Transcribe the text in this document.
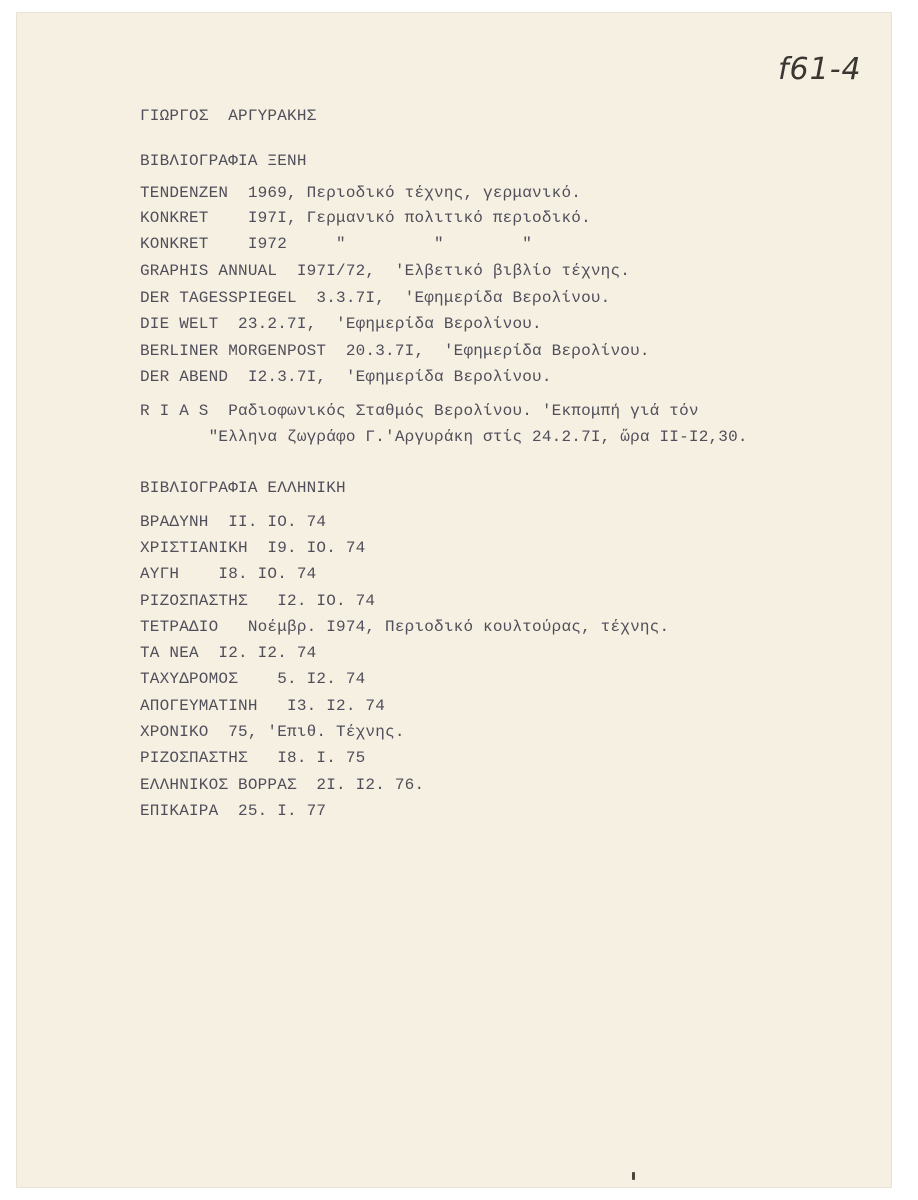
f61-4
ΓΙΩΡΓΟΣ  ΑΡΓΥΡΑΚΗΣ
ΒΙΒΛΙΟΓΡΑΦΙΑ ΞΕΝΗ
TENDENZEN  1969, Περιοδικό τέχνης, γερμανικό.
KONKRET    I97I, Γερμανικό πολιτικό περιοδικό.
KONKRET    I972     "         "        "
GRAPHIS ANNUAL  I97I/72,  'Ελβετικό βιβλίο τέχνης.
DER TAGESSPIEGEL  3.3.7I,  'Εφημερίδα Βερολίνου.
DIE WELT  23.2.7I,  'Εφημερίδα Βερολίνου.
BERLINER MORGENPOST  20.3.7I,  'Εφημερίδα Βερολίνου.
DER ABEND  I2.3.7I,  'Εφημερίδα Βερολίνου.
R I A S  Ραδιοφωνικός Σταθμός Βερολίνου. 'Εκπομπή γιά τόν
"Ελληνα ζωγράφο Γ.'Αργυράκη στίς 24.2.7I, ὥρα II-I2,30.
ΒΙΒΛΙΟΓΡΑΦΙΑ ΕΛΛΗΝΙΚΗ
ΒΡΑΔΥΝΗ  II. IO. 74
ΧΡΙΣΤΙΑΝΙΚΗ  I9. IO. 74
ΑΥΓΗ    I8. IO. 74
ΡΙΖΟΣΠΑΣΤΗΣ   I2. IO. 74
ΤΕΤΡΑΔΙΟ   Νοέμβρ. I974, Περιοδικό κουλτούρας, τέχνης.
ΤΑ ΝΕΑ  I2. I2. 74
ΤΑΧΥΔΡΟΜΟΣ    5. I2. 74
ΑΠΟΓΕΥΜΑΤΙΝΗ   I3. I2. 74
ΧΡΟΝΙΚΟ  75, 'Επιθ. Τέχνης.
ΡΙΖΟΣΠΑΣΤΗΣ   I8. I. 75
ΕΛΛΗΝΙΚΟΣ ΒΟΡΡΑΣ  2I. I2. 76.
ΕΠΙΚΑΙΡΑ  25. I. 77
